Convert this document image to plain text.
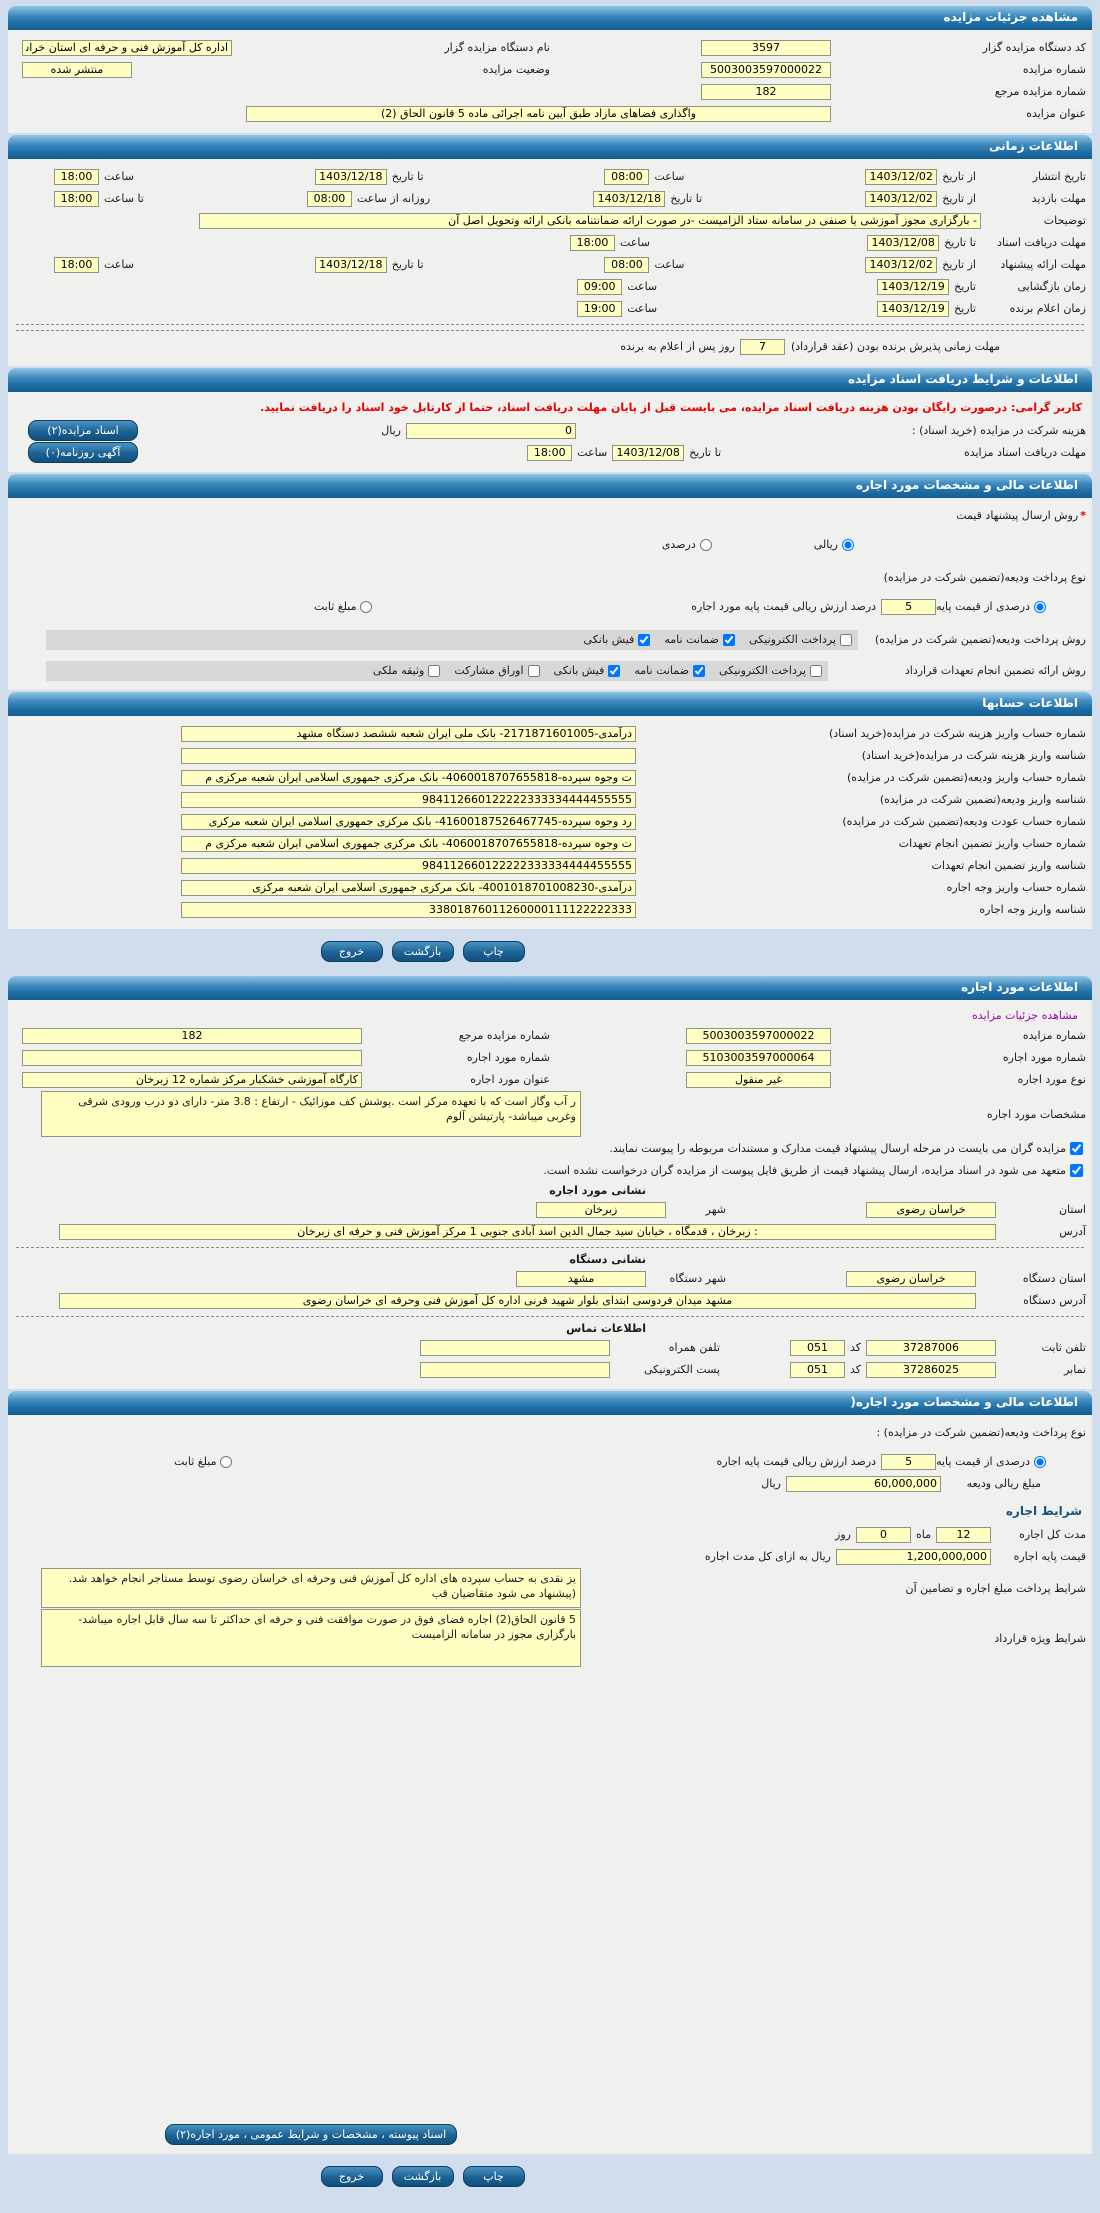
مشاهده جزئیات مزایده
کد دستگاه مزایده گزار
3597
نام دستگاه مزایده گزار
اداره کل آموزش فنی و حرفه ای استان خراسان رضوی
شماره مزایده
5003003597000022
وضعیت مزایده
منتشر شده
شماره مزایده مرجع
182
عنوان مزایده
واگذاری فضاهای مازاد طبق آیین نامه اجرائی ماده 5 قانون الحاق (2)
اطلاعات زمانی
تاریخ انتشار
از تاریخ
1403/12/02
ساعت
08:00
تا تاریخ
1403/12/18
ساعت
18:00
مهلت بازدید
از تاریخ
1403/12/02
تا تاریخ
1403/12/18
روزانه از ساعت
08:00
تا ساعت
18:00
توضیحات
- بارگزاری مجوز آموزشی یا صنفی در سامانه ستاد الزامیست -در صورت ارائه ضمانتنامه بانکی ارائه وتحویل اصل آن
مهلت دریافت اسناد
تا تاریخ
1403/12/08
ساعت
18:00
مهلت ارائه پیشنهاد
از تاریخ
1403/12/02
ساعت
08:00
تا تاریخ
1403/12/18
ساعت
18:00
زمان بازگشایی
تاریخ
1403/12/19
ساعت
09:00
زمان اعلام برنده
تاریخ
1403/12/19
ساعت
19:00
مهلت زمانی پذیرش برنده بودن (عقد قرارداد)
7
روز پس از اعلام به برنده
اطلاعات و شرایط دریافت اسناد مزایده
کاربر گرامی: درصورت رایگان بودن هزینه دریافت اسناد مزایده، می بایست قبل از پایان مهلت دریافت اسناد، حتما از کارتابل خود اسناد را دریافت نمایید.
هزینه شرکت در مزایده (خرید اسناد) :
0
ریال
اسناد مزایده(۲)
مهلت دریافت اسناد مزایده
تا تاریخ
1403/12/08
ساعت
18:00
آگهی روزنامه(۰)
اطلاعات مالی و مشخصات مورد اجاره
*
روش ارسال پیشنهاد قیمت
ریالی
درصدی
نوع پرداخت ودیعه(تضمین شرکت در مزایده)
درصدی از قیمت پایه
5
درصد ارزش ریالی قیمت پایه مورد اجاره
مبلغ ثابت
روش پرداخت ودیعه(تضمین شرکت در مزایده)
پرداخت الکترونیکی
ضمانت نامه
فیش بانکی
روش ارائه تضمین انجام تعهدات قرارداد
پرداخت الکترونیکی
ضمانت نامه
فیش بانکی
اوراق مشارکت
وثیقه ملکی
اطلاعات حسابها
شماره حساب واریز هزینه شرکت در مزایده(خرید اسناد)
درآمدی-2171871601005- بانک ملی ایران شعبه ششصد دستگاه مشهد
شناسه واریز هزینه شرکت در مزایده(خرید اسناد)
شماره حساب واریز ودیعه(تضمین شرکت در مزایده)
ت وجوه سپرده-4060018707655818- بانک مرکزی جمهوری اسلامی ایران شعبه مرکزی م
شناسه واریز ودیعه(تضمین شرکت در مزایده)
984112660122222333334444455555
شماره حساب عودت ودیعه(تضمین شرکت در مزایده)
رد وجوه سپرده-41600187526467745- بانک مرکزی جمهوری اسلامی ایران شعبه مرکزی
شماره حساب واریز تضمین انجام تعهدات
ت وجوه سپرده-4060018707655818- بانک مرکزی جمهوری اسلامی ایران شعبه مرکزی م
شناسه واریز تضمین انجام تعهدات
984112660122222333334444455555
شماره حساب واریز وجه اجاره
درآمدی-4001018701008230- بانک مرکزی جمهوری اسلامی ایران شعبه مرکزی
شناسه واریز وجه اجاره
33801876011260000111122222333
چاپ
بازگشت
خروج
اطلاعات مورد اجاره
مشاهده جزئیات مزایده
شماره مزایده
5003003597000022
شماره مزایده مرجع
182
شماره مورد اجاره
5103003597000064
شماره مورد اجاره
نوع مورد اجاره
غیر منقول
عنوان مورد اجاره
کارگاه آموزشی خشکبار مرکز شماره 12 زبرخان
مشخصات مورد اجاره
ر آب وگاز است که با تعهده مرکز است .پوشش کف موزائیک - ارتفاع : 3.8 متر- دارای دو درب ورودی شرقی وغربی میباشد- پارتیشن آلوم
مزایده گران می بایست در مرحله ارسال پیشنهاد قیمت مدارک و مستندات مربوطه را پیوست نمایند.
متعهد می شود در اسناد مزایده، ارسال پیشنهاد قیمت از طریق فایل پیوست از مزایده گران درخواست نشده است.
نشانی مورد اجاره
استان
خراسان رضوی
شهر
زبرخان
آدرس
: زبرخان ، قدمگاه ، خیابان سید جمال الدین اسد آبادی جنوبی 1 مرکز آموزش فنی و حرفه ای زبرخان
نشانی دستگاه
استان دستگاه
خراسان رضوی
شهر دستگاه
مشهد
آدرس دستگاه
مشهد میدان فردوسی ابتدای بلوار شهید قرنی اداره کل آموزش فنی وحرفه ای خراسان رضوی
اطلاعات تماس
تلفن ثابت
37287006
کد
051
تلفن همراه
نمابر
37286025
کد
051
پست الکترونیکی
اطلاعات مالی و مشخصات مورد اجاره(
نوع پرداخت ودیعه(تضمین شرکت در مزایده) :
درصدی از قیمت پایه
5
درصد ارزش ریالی قیمت پایه اجاره
مبلغ ثابت
مبلغ ریالی ودیعه
60,000,000
ریال
شرایط اجاره
مدت کل اجاره
12
ماه
0
روز
قیمت پایه اجاره
1,200,000,000
ریال به ازای کل مدت اجاره
شرایط پرداخت مبلغ اجاره و تضامین آن
یز نقدی به حساب سپرده های اداره کل آموزش فنی وحرفه ای خراسان رضوی توسط مستاجر انجام خواهد شد.(پیشنهاد می شود متقاضیان قب
شرایط ویژه قرارداد
5 قانون الحاق(2) اجاره فضای فوق در صورت موافقت فنی و حرفه ای حداکثر تا سه سال قابل اجاره میباشد-بارگزاری مجوز در سامانه الزامیست
اسناد پیوسته ، مشخصات و شرایط عمومی ، مورد اجاره(۲)
چاپ
بازگشت
خروج
